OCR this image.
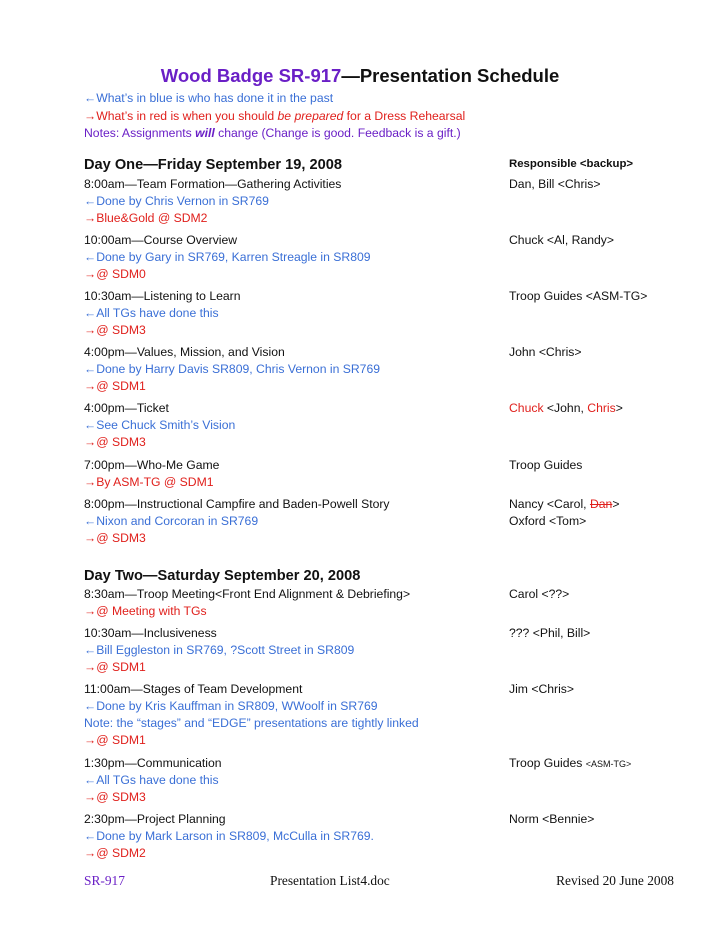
Wood Badge SR-917—Presentation Schedule
←What’s in blue is who has done it in the past
→What’s in red is when you should be prepared for a Dress Rehearsal
Notes: Assignments will change (Change is good. Feedback is a gift.)
Day One—Friday September 19, 2008	Responsible <backup>
8:00am—Team Formation—Gathering Activities	Dan, Bill <Chris>
←Done by Chris Vernon in SR769
→Blue&Gold @ SDM2
10:00am—Course Overview	Chuck <Al, Randy>
←Done by Gary in SR769, Karren Streagle in SR809
→@ SDM0
10:30am—Listening to Learn	Troop Guides <ASM-TG>
←All TGs have done this
→@ SDM3
4:00pm—Values, Mission, and Vision	John <Chris>
←Done by Harry Davis SR809, Chris Vernon in SR769
→@ SDM1
4:00pm—Ticket	Chuck <John, Chris>
←See Chuck Smith’s Vision
→@ SDM3
7:00pm—Who-Me Game	Troop Guides
→By ASM-TG @ SDM1
8:00pm—Instructional Campfire and Baden-Powell Story	Nancy <Carol, Dan>
←Nixon and Corcoran in SR769	Oxford <Tom>
→@ SDM3
Day Two—Saturday September 20, 2008
8:30am—Troop Meeting<Front End Alignment & Debriefing>	Carol <??>
→@ Meeting with TGs
10:30am—Inclusiveness	??? <Phil, Bill>
←Bill Eggleston in SR769, ?Scott Street in SR809
→@ SDM1
11:00am—Stages of Team Development	Jim <Chris>
←Done by Kris Kauffman in SR809, WWoolf in SR769
Note: the “stages” and “EDGE” presentations are tightly linked
→@ SDM1
1:30pm—Communication	Troop Guides <ASM-TG>
←All TGs have done this
→@ SDM3
2:30pm—Project Planning	Norm <Bennie>
←Done by Mark Larson in SR809, McCulla in SR769.
→@ SDM2
SR-917	Presentation List4.doc	Revised 20 June 2008
